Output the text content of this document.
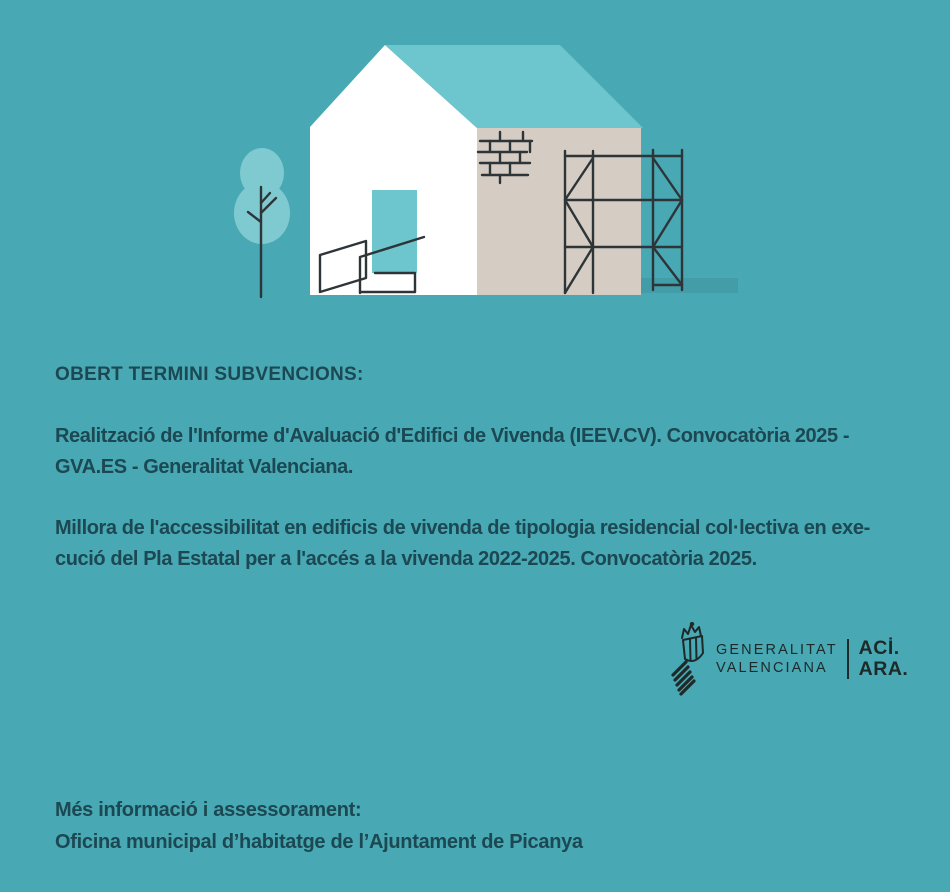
OBERT TERMINI SUBVENCIONS:
Realització de l'Informe d'Avaluació d'Edifici de Vivenda (IEEV.CV). Convocatòria 2025 -
GVA.ES - Generalitat Valenciana.
Millora de l'accessibilitat en edificis de vivenda de tipologia residencial col·lectiva en exe-
cució del Pla Estatal per a l'accés a la vivenda 2022-2025. Convocatòria 2025.
GENERALITAT
VALENCIANA
ACİ.
ARA.
Més informació i assessorament:
Oficina municipal d’habitatge de l’Ajuntament de Picanya
